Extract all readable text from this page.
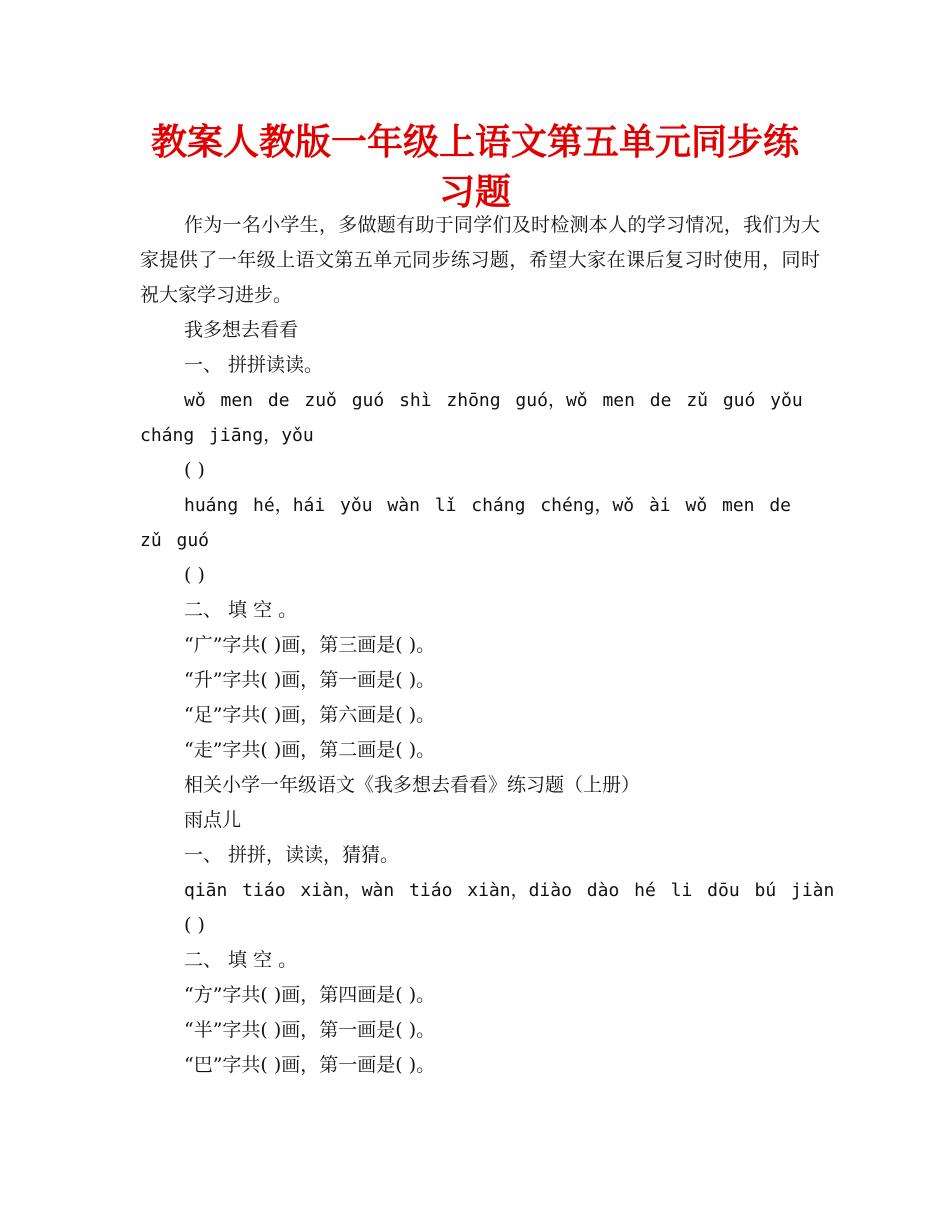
教案人教版一年级上语文第五单元同步练习题
作为一名小学生，多做题有助于同学们及时检测本人的学习情况，我们为大家提供了一年级上语文第五单元同步练习题，希望大家在课后复习时使用，同时祝大家学习进步。
我多想去看看
一、 拼拼读读。
wǒ men de zuǒ guó shì zhōng guó，wǒ men de zǔ guó yǒu cháng jiāng，yǒu
( )
huáng hé，hái yǒu wàn lǐ cháng chéng，wǒ ài wǒ men de zǔ guó
( )
二、 填 空 。
“广”字共( )画，第三画是( )。
“升”字共( )画，第一画是( )。
“足”字共( )画，第六画是( )。
“走”字共( )画，第二画是( )。
相关小学一年级语文《我多想去看看》练习题（上册）
雨点儿
一、 拼拼，读读，猜猜。
qiān tiáo xiàn，wàn tiáo xiàn，diào dào hé li dōu bú jiàn
( )
二、 填 空 。
“方”字共( )画，第四画是( )。
“半”字共( )画，第一画是( )。
“巴”字共( )画，第一画是( )。
